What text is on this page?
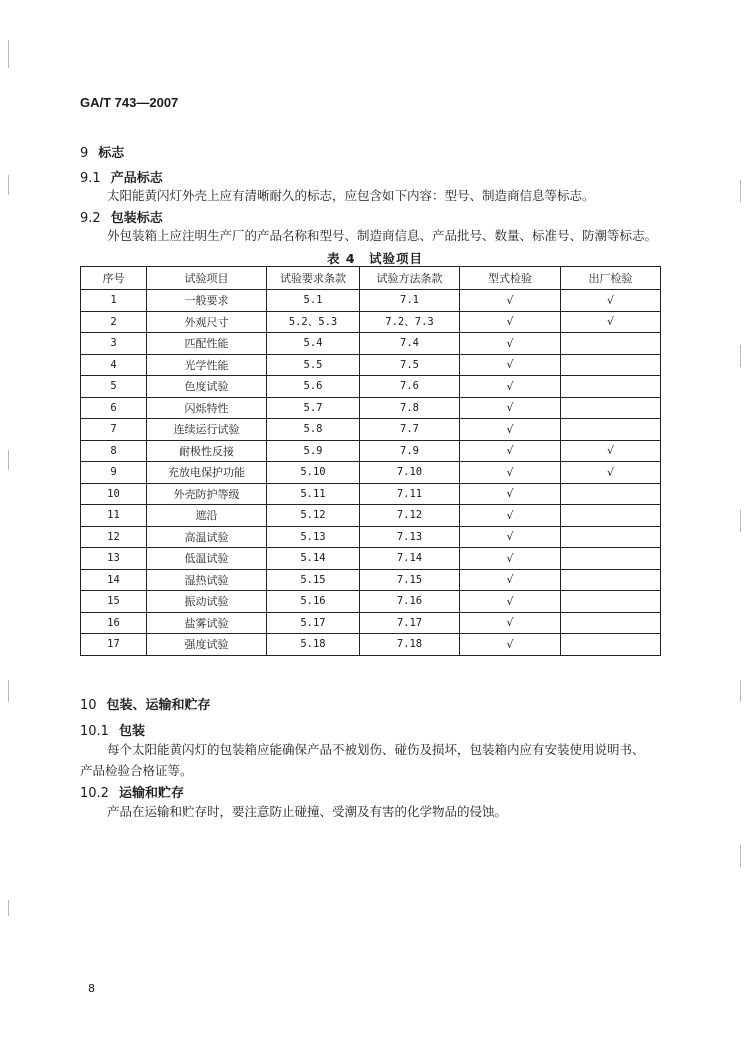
GA/T 743—2007
9 标志
9.1 产品标志
太阳能黄闪灯外壳上应有清晰耐久的标志，应包含如下内容：型号、制造商信息等标志。
9.2 包装标志
外包装箱上应注明生产厂的产品名称和型号、制造商信息、产品批号、数量、标准号、防潮等标志。
表 4　试验项目
序号	试验项目	试验要求条款	试验方法条款	型式检验	出厂检验
1	一般要求	5.1	7.1	√	√
2	外观尺寸	5.2、5.3	7.2、7.3	√	√
3	匹配性能	5.4	7.4	√	
4	光学性能	5.5	7.5	√	
5	色度试验	5.6	7.6	√	
6	闪烁特性	5.7	7.8	√	
7	连续运行试验	5.8	7.7	√	
8	耐极性反接	5.9	7.9	√	√
9	充放电保护功能	5.10	7.10	√	√
10	外壳防护等级	5.11	7.11	√	
11	遮沿	5.12	7.12	√	
12	高温试验	5.13	7.13	√	
13	低温试验	5.14	7.14	√	
14	湿热试验	5.15	7.15	√	
15	振动试验	5.16	7.16	√	
16	盐雾试验	5.17	7.17	√	
17	强度试验	5.18	7.18	√	
10 包装、运输和贮存
10.1 包装
每个太阳能黄闪灯的包装箱应能确保产品不被划伤、碰伤及损坏，包装箱内应有安装使用说明书、
产品检验合格证等。
10.2 运输和贮存
产品在运输和贮存时，要注意防止碰撞、受潮及有害的化学物品的侵蚀。
8
